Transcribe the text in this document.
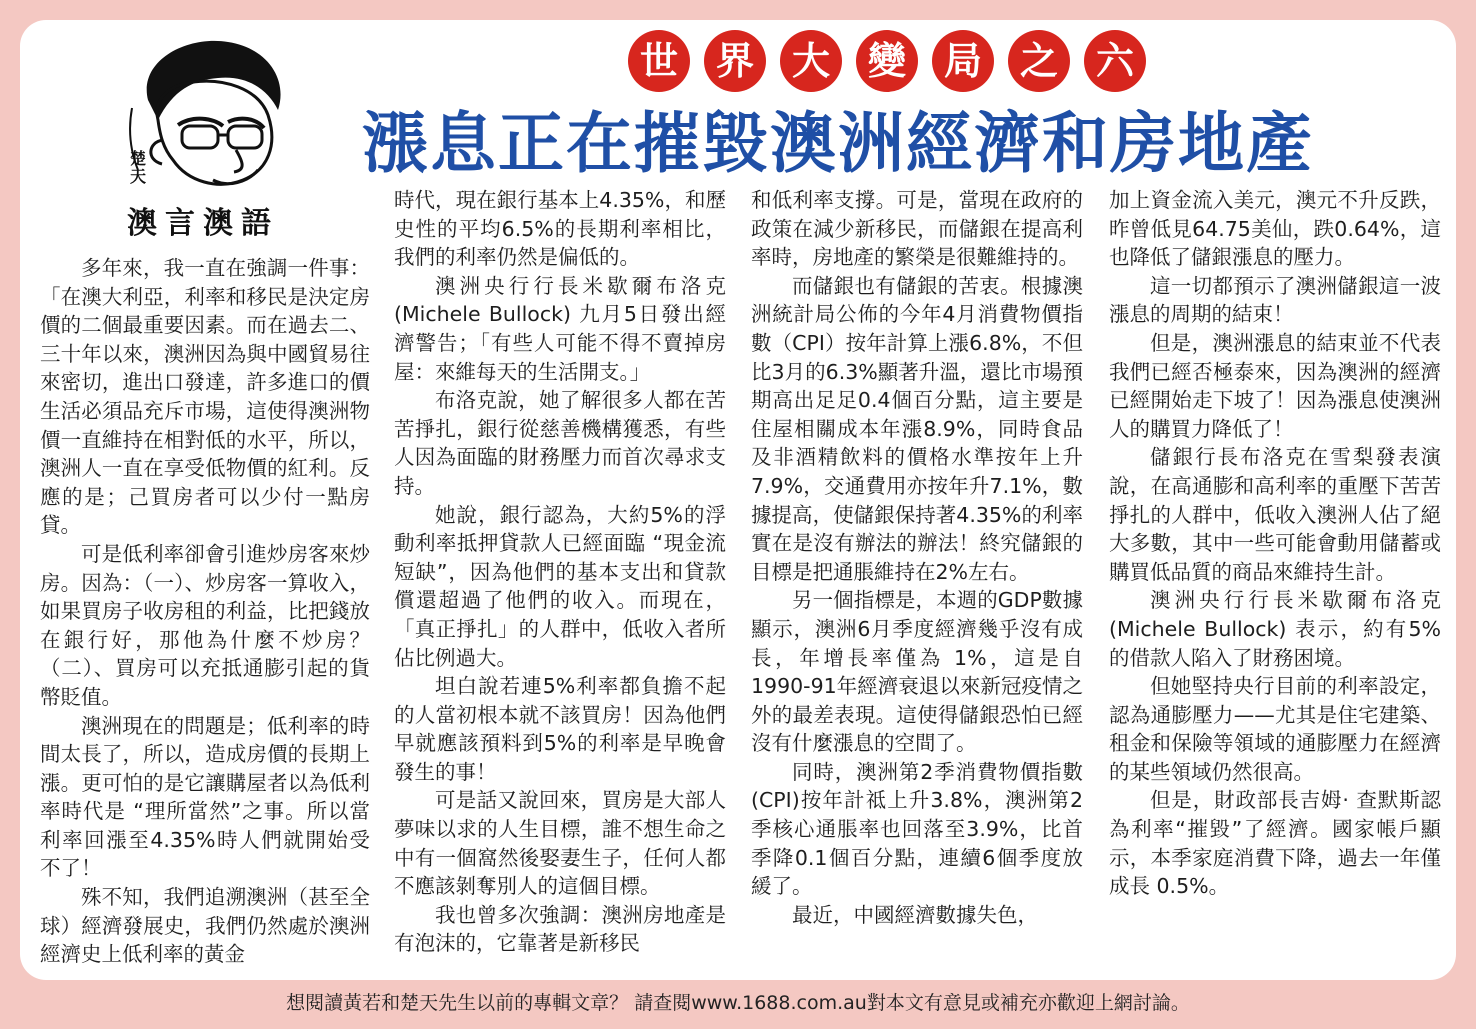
楚天
澳言澳語
世 界 大 變 局 之 六
漲息正在摧毀澳洲經濟和房地產

多年來，我一直在強調一件事：「在澳大利亞，利率和移民是決定房價的二個最重要因素。而在過去二、三十年以來，澳洲因為與中國貿易往來密切，進出口發達，許多進口的價生活必須品充斥市場，這使得澳洲物價一直維持在相對低的水平，所以，澳洲人一直在享受低物價的紅利。反應的是；己買房者可以少付一點房貸。

可是低利率卻會引進炒房客來炒房。因為：（一）、炒房客一算收入，如果買房子收房租的利益，比把錢放在銀行好，那他為什麼不炒房？（二）、買房可以充抵通膨引起的貨幣貶值。

澳洲現在的問題是；低利率的時間太長了，所以，造成房價的長期上漲。更可怕的是它讓購屋者以為低利率時代是 “理所當然”之事。所以當利率回漲至4.35%時人們就開始受不了！

殊不知，我們追溯澳洲（甚至全球）經濟發展史，我們仍然處於澳洲經濟史上低利率的黃金

時代，現在銀行基本上4.35%，和歷史性的平均6.5%的長期利率相比，我們的利率仍然是偏低的。

澳洲央行行長米歇爾布洛克(Michele Bullock) 九月5日發出經濟警告；「有些人可能不得不賣掉房屋：來維每天的生活開支。」

布洛克說，她了解很多人都在苦苦掙扎，銀行從慈善機構獲悉，有些人因為面臨的財務壓力而首次尋求支持。

她說，銀行認為，大約5%的浮動利率抵押貸款人已經面臨 “現金流短缺”，因為他們的基本支出和貸款償還超過了他們的收入。而現在，「真正掙扎」的人群中，低收入者所佔比例過大。

坦白說若連5%利率都負擔不起的人當初根本就不該買房！因為他們早就應該預料到5%的利率是早晚會發生的事！

可是話又說回來，買房是大部人夢味以求的人生目標，誰不想生命之中有一個窩然後娶妻生子，任何人都不應該剝奪別人的這個目標。

我也曾多次強調：澳洲房地產是有泡沫的，它靠著是新移民

和低利率支撐。可是，當現在政府的政策在減少新移民，而儲銀在提高利率時，房地產的繁榮是很難維持的。

而儲銀也有儲銀的苦衷。根據澳洲統計局公佈的今年4月消費物價指數（CPI）按年計算上漲6.8%，不但比3月的6.3%顯著升溫，還比市場預期高出足足0.4個百分點，這主要是住屋相關成本年漲8.9%，同時食品及非酒精飲料的價格水準按年上升7.9%，交通費用亦按年升7.1%，數據提高，使儲銀保持著4.35%的利率實在是沒有辦法的辦法！終究儲銀的目標是把通脹維持在2%左右。

另一個指標是，本週的GDP數據顯示，澳洲6月季度經濟幾乎沒有成長，年增長率僅為 1%，這是自1990-91年經濟衰退以來新冠疫情之外的最差表現。這使得儲銀恐怕已經沒有什麼漲息的空間了。

同時，澳洲第2季消費物價指數(CPI)按年計祗上升3.8%，澳洲第2季核心通脹率也回落至3.9%，比首季降0.1個百分點，連續6個季度放緩了。

最近，中國經濟數據失色，

加上資金流入美元，澳元不升反跌，昨曾低見64.75美仙，跌0.64%，這也降低了儲銀漲息的壓力。

這一切都預示了澳洲儲銀這一波漲息的周期的結束！

但是，澳洲漲息的結束並不代表我們已經否極泰來，因為澳洲的經濟已經開始走下坡了！因為漲息使澳洲人的購買力降低了！

儲銀行長布洛克在雪梨發表演說，在高通膨和高利率的重壓下苦苦掙扎的人群中，低收入澳洲人佔了絕大多數，其中一些可能會動用儲蓄或購買低品質的商品來維持生計。

澳洲央行行長米歇爾布洛克(Michele Bullock) 表示，約有5% 的借款人陷入了財務困境。

但她堅持央行目前的利率設定，認為通膨壓力——尤其是住宅建築、租金和保險等領域的通膨壓力在經濟的某些領域仍然很高。

但是，財政部長吉姆· 查默斯認為利率“摧毀”了經濟。國家帳戶顯示，本季家庭消費下降，過去一年僅成長 0.5%。

想閱讀黃若和楚天先生以前的專輯文章？ 請查閱www.1688.com.au對本文有意見或補充亦歡迎上網討論。
